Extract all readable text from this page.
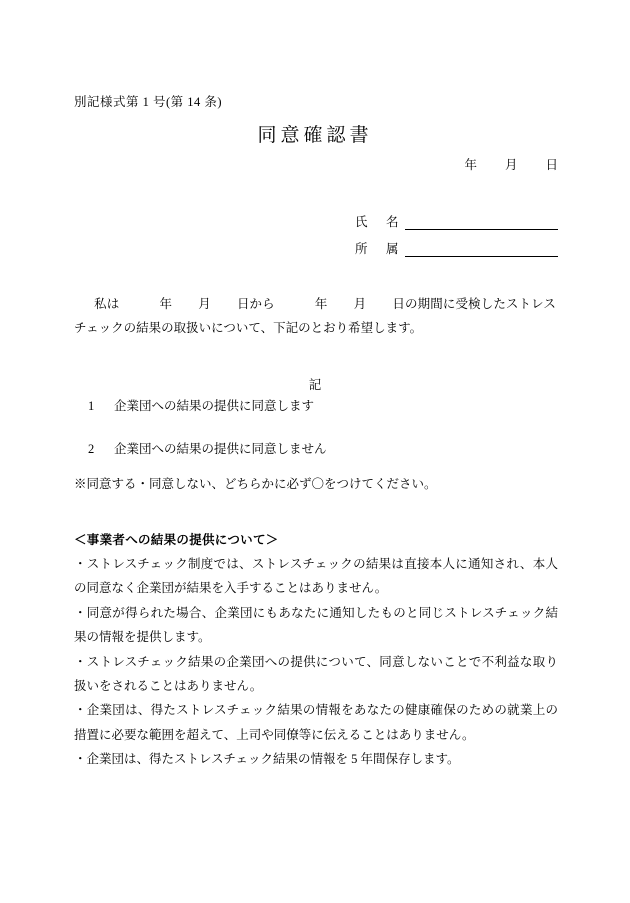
別記様式第 1 号(第 14 条)
同意確認書
年 月 日
氏　名
所　属
私は	年 月 日から	年 月 日の期間に受検したストレスチェックの結果の取扱いについて、下記のとおり希望します。
記
1 企業団への結果の提供に同意します
2 企業団への結果の提供に同意しません
※同意する・同意しない、どちらかに必ず〇をつけてください。
＜事業者への結果の提供について＞

・ストレスチェック制度では、ストレスチェックの結果は直接本人に通知され、本人の同意なく企業団が結果を入手することはありません。

・同意が得られた場合、企業団にもあなたに通知したものと同じストレスチェック結果の情報を提供します。

・ストレスチェック結果の企業団への提供について、同意しないことで不利益な取り扱いをされることはありません。

・企業団は、得たストレスチェック結果の情報をあなたの健康確保のための就業上の措置に必要な範囲を超えて、上司や同僚等に伝えることはありません。

・企業団は、得たストレスチェック結果の情報を 5 年間保存します。
